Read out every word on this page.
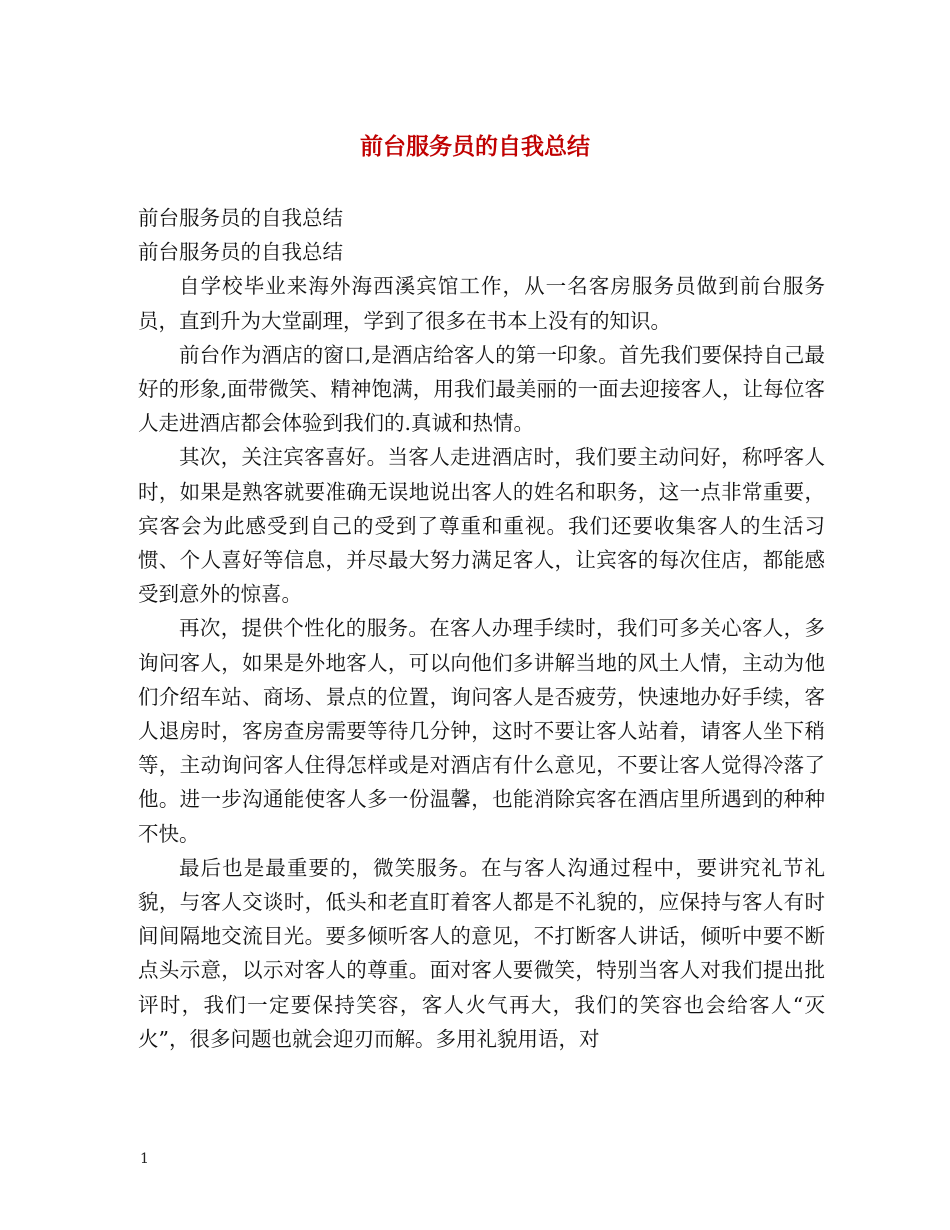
前台服务员的自我总结

前台服务员的自我总结

前台服务员的自我总结

自学校毕业来海外海西溪宾馆工作，从一名客房服务员做到前台服务员，直到升为大堂副理，学到了很多在书本上没有的知识。

前台作为酒店的窗口,是酒店给客人的第一印象。首先我们要保持自己最好的形象,面带微笑、精神饱满，用我们最美丽的一面去迎接客人，让每位客人走进酒店都会体验到我们的.真诚和热情。

其次，关注宾客喜好。当客人走进酒店时，我们要主动问好，称呼客人时，如果是熟客就要准确无误地说出客人的姓名和职务，这一点非常重要，宾客会为此感受到自己的受到了尊重和重视。我们还要收集客人的生活习惯、个人喜好等信息，并尽最大努力满足客人，让宾客的每次住店，都能感受到意外的惊喜。

再次，提供个性化的服务。在客人办理手续时，我们可多关心客人，多询问客人，如果是外地客人，可以向他们多讲解当地的风土人情，主动为他们介绍车站、商场、景点的位置，询问客人是否疲劳，快速地办好手续，客人退房时，客房查房需要等待几分钟，这时不要让客人站着，请客人坐下稍等，主动询问客人住得怎样或是对酒店有什么意见，不要让客人觉得冷落了他。进一步沟通能使客人多一份温馨，也能消除宾客在酒店里所遇到的种种不快。

最后也是最重要的，微笑服务。在与客人沟通过程中，要讲究礼节礼貌，与客人交谈时，低头和老直盯着客人都是不礼貌的，应保持与客人有时间间隔地交流目光。要多倾听客人的意见，不打断客人讲话，倾听中要不断点头示意，以示对客人的尊重。面对客人要微笑，特别当客人对我们提出批评时，我们一定要保持笑容，客人火气再大，我们的笑容也会给客人“灭火”，很多问题也就会迎刃而解。多用礼貌用语，对

1
